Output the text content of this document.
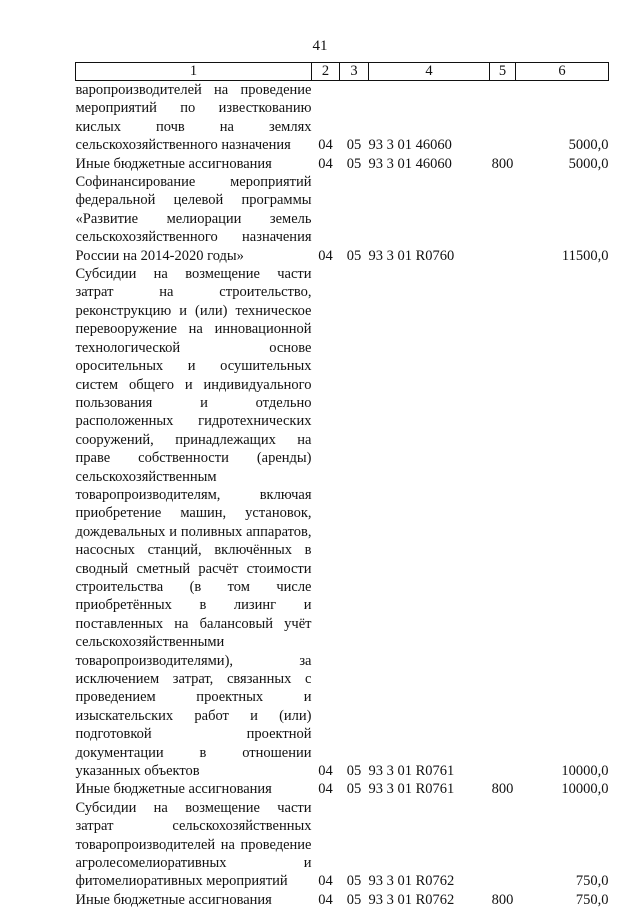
41
1	2	3	4	5	6
варопроизводителей на проведение мероприятий по известкованию кислых почв на землях сельскохозяйственного назначения	04	05	93 3 01 46060		5000,0
Иные бюджетные ассигнования	04	05	93 3 01 46060	800	5000,0
Софинансирование мероприятий федеральной целевой программы «Развитие мелиорации земель сельскохозяйственного назначения России на 2014-2020 годы»	04	05	93 3 01 R0760		11500,0
Субсидии на возмещение части затрат на строительство, реконструкцию и (или) техническое перевооружение на инновационной технологической основе оросительных и осушительных систем общего и индивидуального пользования и отдельно расположенных гидротехнических сооружений, принадлежащих на праве собственности (аренды) сельскохозяйственным товаропроизводителям, включая приобретение машин, установок, дождевальных и поливных аппаратов, насосных станций, включённых в сводный сметный расчёт стоимости строительства (в том числе приобретённых в лизинг и поставленных на балансовый учёт сельскохозяйственными товаропроизводителями), за исключением затрат, связанных с проведением проектных и изыскательских работ и (или) подготовкой проектной документации в отношении указанных объектов	04	05	93 3 01 R0761		10000,0
Иные бюджетные ассигнования	04	05	93 3 01 R0761	800	10000,0
Субсидии на возмещение части затрат сельскохозяйственных товаропроизводителей на проведение агролесомелиоративных и фитомелиоративных мероприятий	04	05	93 3 01 R0762		750,0
Иные бюджетные ассигнования	04	05	93 3 01 R0762	800	750,0
